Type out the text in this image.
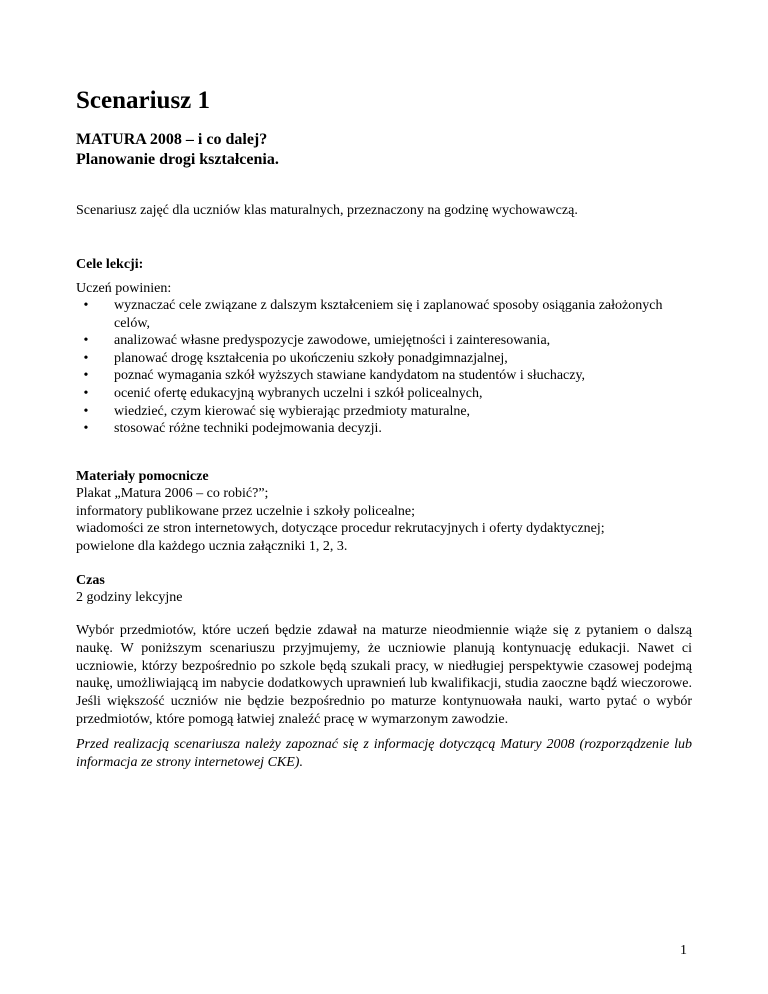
Scenariusz 1
MATURA 2008 – i co dalej?
Planowanie drogi kształcenia.

Scenariusz zajęć dla uczniów klas maturalnych, przeznaczony na godzinę wychowawczą.

Cele lekcji:

Uczeń powinien:

• wyznaczać cele związane z dalszym kształceniem się i zaplanować sposoby osiągania założonych celów,
• analizować własne predyspozycje zawodowe, umiejętności i zainteresowania,
• planować drogę kształcenia po ukończeniu szkoły ponadgimnazjalnej,
• poznać wymagania szkół wyższych stawiane kandydatom na studentów i słuchaczy,
• ocenić ofertę edukacyjną wybranych uczelni i szkół policealnych,
• wiedzieć, czym kierować się wybierając przedmioty maturalne,
• stosować różne techniki podejmowania decyzji.

Materiały pomocnicze

Plakat „Matura 2006 – co robić?”;
informatory publikowane przez uczelnie i szkoły policealne;
wiadomości ze stron internetowych, dotyczące procedur rekrutacyjnych i oferty dydaktycznej;
powielone dla każdego ucznia załączniki 1, 2, 3.

Czas

2 godziny lekcyjne

Wybór przedmiotów, które uczeń będzie zdawał na maturze nieodmiennie wiąże się z pytaniem o dalszą naukę. W poniższym scenariuszu przyjmujemy, że uczniowie planują kontynuację edukacji. Nawet ci uczniowie, którzy bezpośrednio po szkole będą szukali pracy, w niedługiej perspektywie czasowej podejmą naukę, umożliwiającą im nabycie dodatkowych uprawnień lub kwalifikacji, studia zaoczne bądź wieczorowe. Jeśli większość uczniów nie będzie bezpośrednio po maturze kontynuowała nauki, warto pytać o wybór przedmiotów, które pomogą łatwiej znaleźć pracę w wymarzonym zawodzie.

Przed realizacją scenariusza należy zapoznać się z informację dotyczącą Matury 2008 (rozporządzenie lub informacja ze strony internetowej CKE).

1
